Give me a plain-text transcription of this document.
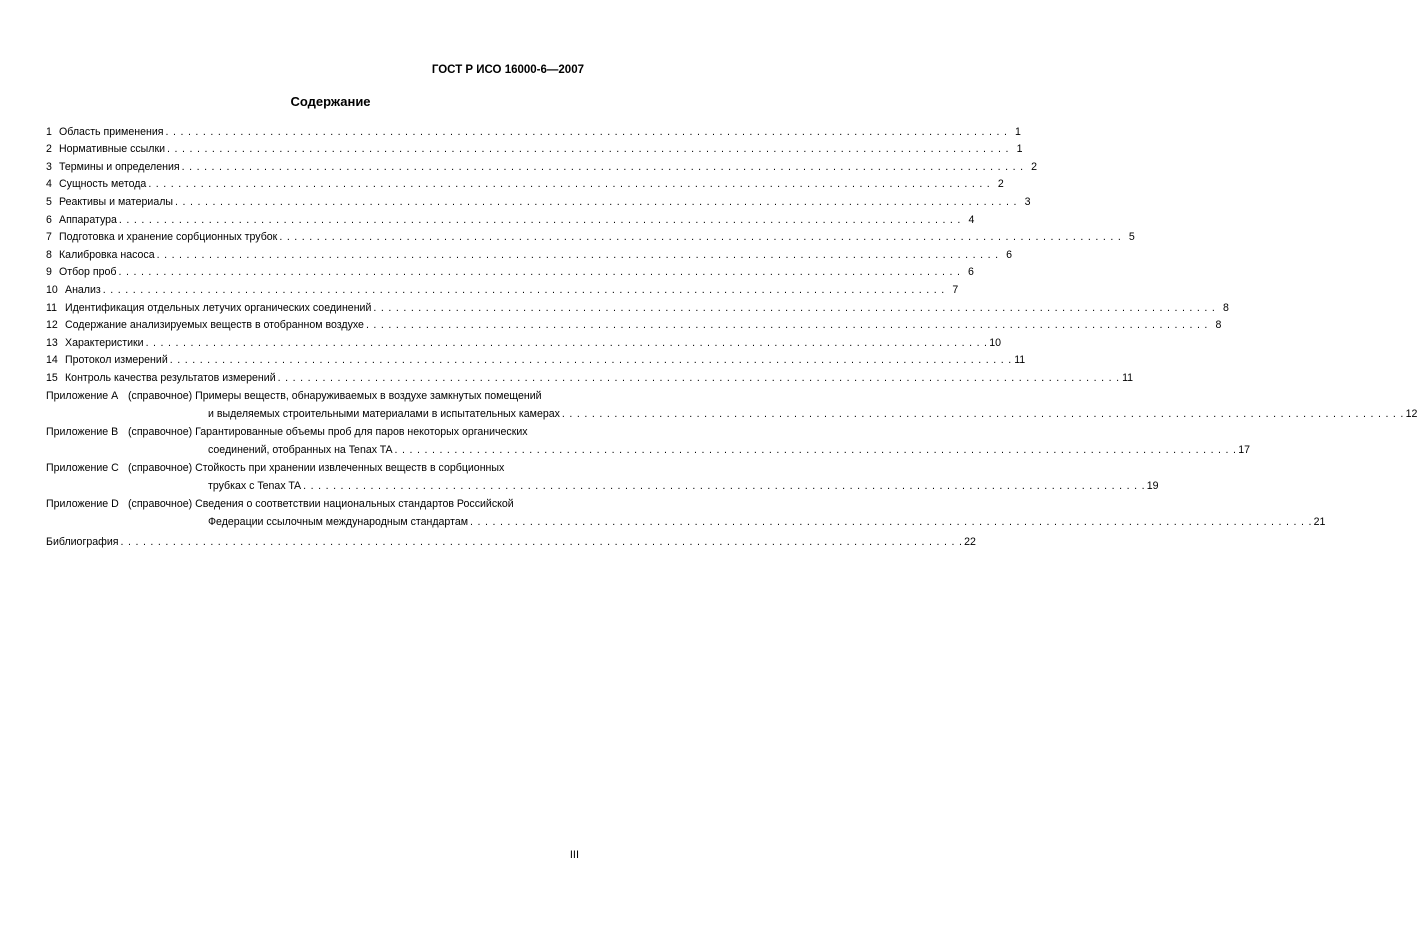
ГОСТ Р ИСО 16000-6—2007
Содержание
1 Область применения . . .	1
2 Нормативные ссылки . . .	1
3 Термины и определения . . .	2
4 Сущность метода . . .	2
5 Реактивы и материалы . . .	3
6 Аппаратура . . .	4
7 Подготовка и хранение сорбционных трубок . . .	5
8 Калибровка насоса . . .	6
9 Отбор проб . . .	6
10 Анализ . . .	7
11 Идентификация отдельных летучих органических соединений . . .	8
12 Содержание анализируемых веществ в отобранном воздухе . . .	8
13 Характеристики . . .	10
14 Протокол измерений . . .	11
15 Контроль качества результатов измерений . . .	11
Приложение А (справочное) Примеры веществ, обнаруживаемых в воздухе замкнутых помещений
и выделяемых строительными материалами в испытательных камерах . . .	12
Приложение В (справочное) Гарантированные объемы проб для паров некоторых органических
соединений, отобранных на Tenax TA . . .	17
Приложение С (справочное) Стойкость при хранении извлеченных веществ в сорбционных
трубках с Tenax TA . . .	19
Приложение D (справочное) Сведения о соответствии национальных стандартов Российской
Федерации ссылочным международным стандартам . . .	21
Библиография . . .	22
III
